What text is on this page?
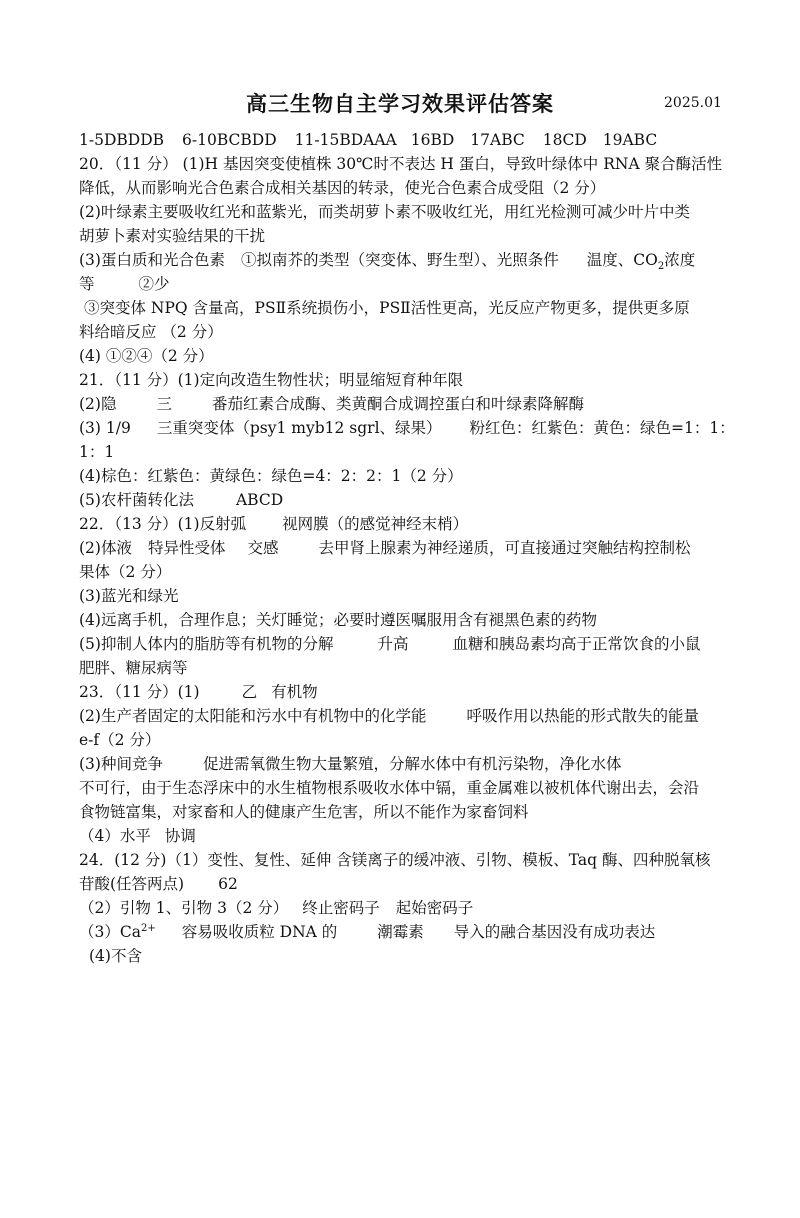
高三生物自主学习效果评估答案	2025.01
1-5DBDDB 6-10BCBDD 11-15BDAAA 16BD 17ABC 18CD 19ABC
20．（11 分） (1)H 基因突变使植株 30℃时不表达 H 蛋白，导致叶绿体中 RNA 聚合酶活性
降低，从而影响光合色素合成相关基因的转录，使光合色素合成受阻（2 分）
(2)叶绿素主要吸收红光和蓝紫光，而类胡萝卜素不吸收红光，用红光检测可减少叶片中类
胡萝卜素对实验结果的干扰
(3)蛋白质和光合色素 ①拟南芥的类型（突变体、野生型）、光照条件 温度、$CO_2$浓度
等	②少
③突变体 NPQ 含量高，PSⅡ系统损伤小，PSⅡ活性更高，光反应产物更多，提供更多原
料给暗反应 （2 分）
(4) ①②④（2 分）
21．（11 分）(1)定向改造生物性状；明显缩短育种年限
(2)隐	三	番茄红素合成酶、类黄酮合成调控蛋白和叶绿素降解酶
(3) 1/9 三重突变体（psy1 myb12 sgrl、绿果） 粉红色：红紫色：黄色：绿色=1：1：
1：1
(4)棕色：红紫色：黄绿色：绿色=4：2：2：1（2 分）
(5)农杆菌转化法	ABCD
22．（13 分）(1)反射弧 视网膜（的感觉神经末梢）
(2)体液 特异性受体 交感	去甲肾上腺素为神经递质，可直接通过突触结构控制松
果体（2 分）
(3)蓝光和绿光
(4)远离手机，合理作息；关灯睡觉；必要时遵医嘱服用含有褪黑色素的药物
(5)抑制人体内的脂肪等有机物的分解	升高	血糖和胰岛素均高于正常饮食的小鼠
肥胖、糖尿病等
23．（11 分）(1)	乙 有机物
(2)生产者固定的太阳能和污水中有机物中的化学能	呼吸作用以热能的形式散失的能量
e-f（2 分）
(3)种间竞争	促进需氧微生物大量繁殖，分解水体中有机污染物，净化水体
不可行，由于生态浮床中的水生植物根系吸收水体中镉，重金属难以被机体代谢出去，会沿
食物链富集，对家畜和人的健康产生危害，所以不能作为家畜饲料
（4）水平 协调
24．(12 分)（1）变性、复性、延伸 含镁离子的缓冲液、引物、模板、Taq 酶、四种脱氧核
苷酸(任答两点) 62
（2）引物 1、引物 3（2 分） 终止密码子 起始密码子
$(3)Ca^{2+}$ 容易吸收质粒 DNA 的	潮霉素 导入的融合基因没有成功表达
(4)不含
